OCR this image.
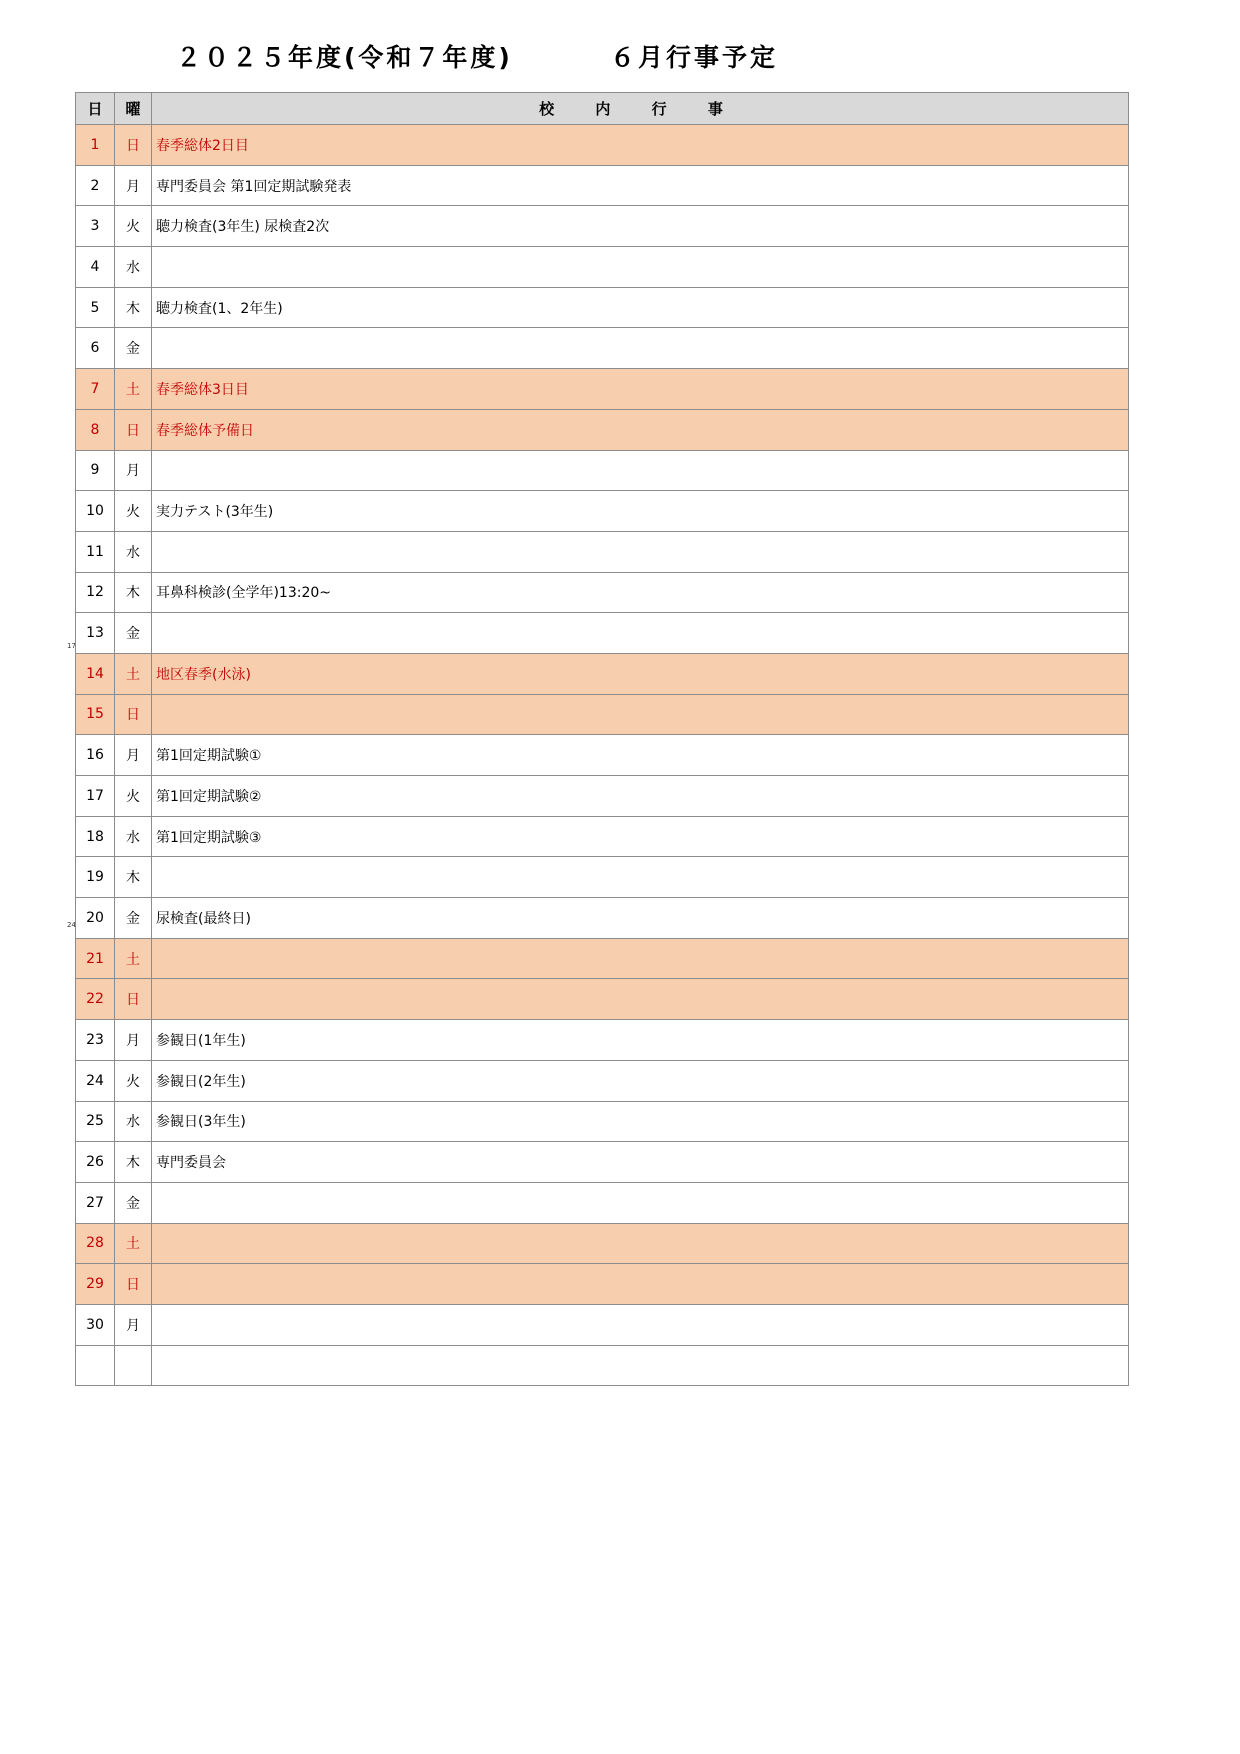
２０２５年度(令和７年度)	６月行事予定
17
24
日	曜	校 内 行 事
1	日	春季総体2日目
2	月	専門委員会 第1回定期試験発表
3	火	聴力検査(3年生) 尿検査2次
4	水	
5	木	聴力検査(1、2年生)
6	金	
7	土	春季総体3日目
8	日	春季総体予備日
9	月	
10	火	実力テスト(3年生)
11	水	
12	木	耳鼻科検診(全学年)13:20~
13	金	
14	土	地区春季(水泳)
15	日	
16	月	第1回定期試験①
17	火	第1回定期試験②
18	水	第1回定期試験③
19	木	
20	金	尿検査(最終日)
21	土	
22	日	
23	月	参観日(1年生)
24	火	参観日(2年生)
25	水	参観日(3年生)
26	木	専門委員会
27	金	
28	土	
29	日	
30	月	
